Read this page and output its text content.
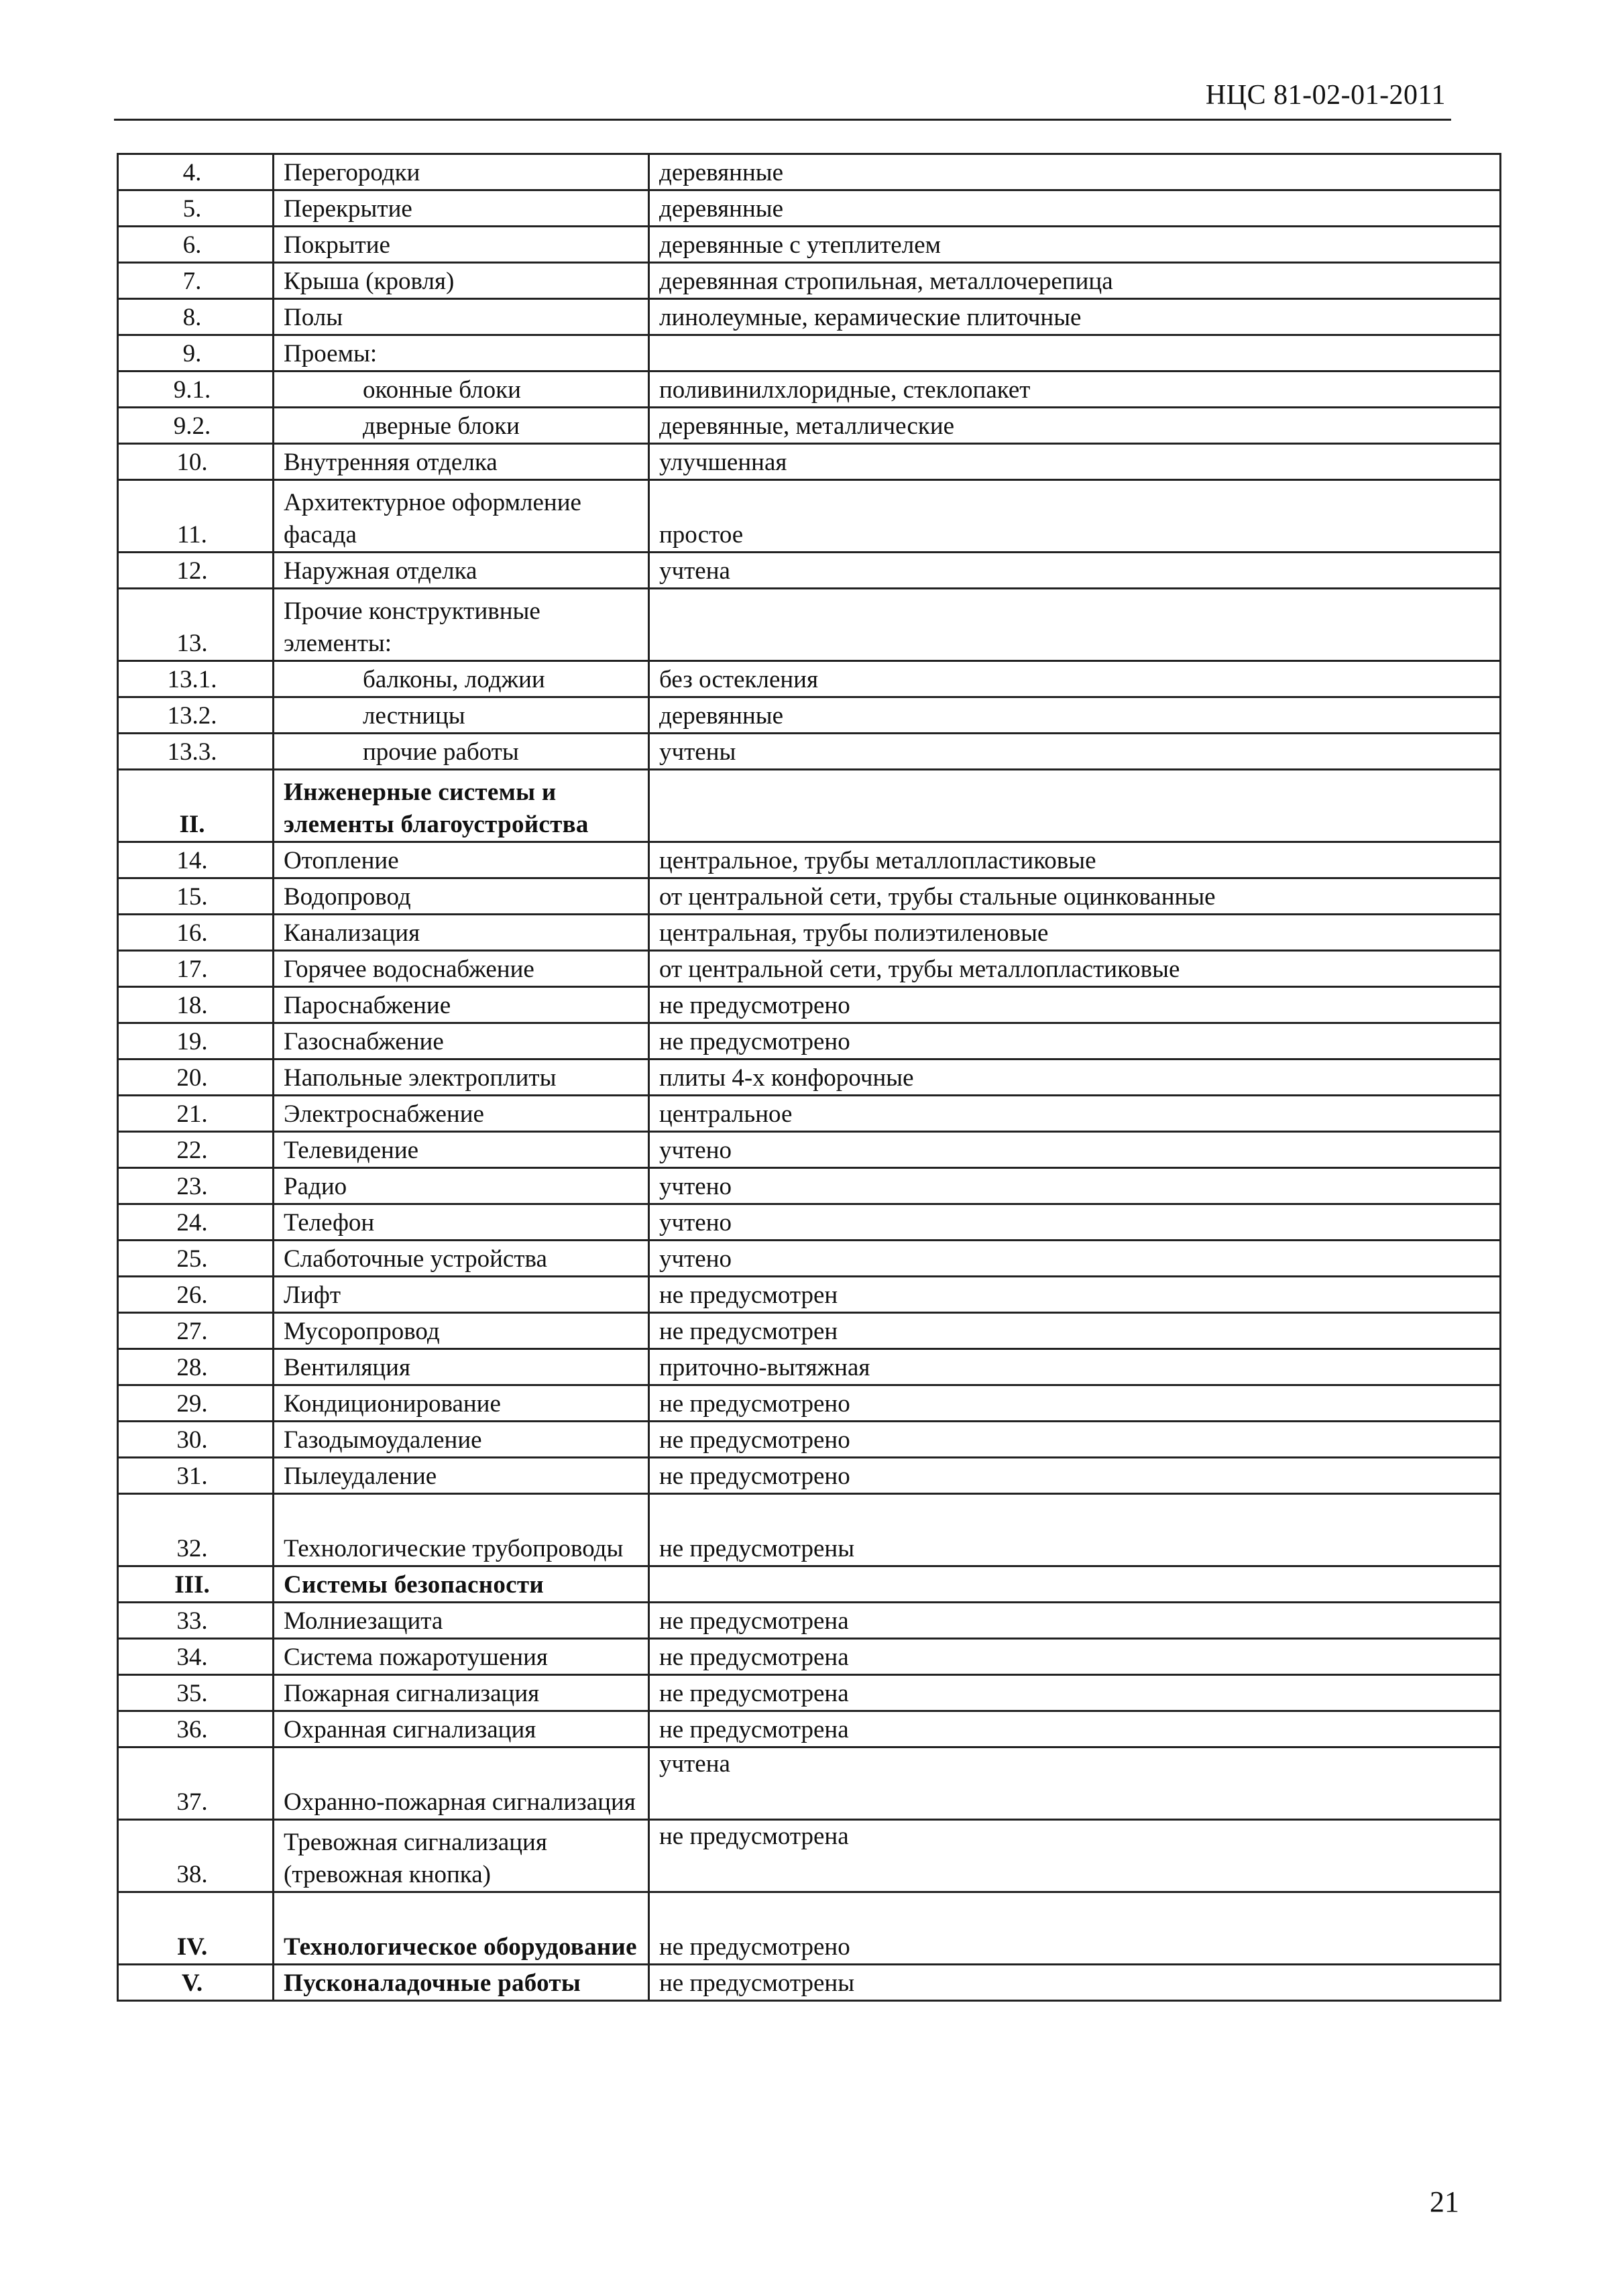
НЦС 81-02-01-2011
4.	Перегородки	деревянные
5.	Перекрытие	деревянные
6.	Покрытие	деревянные с утеплителем
7.	Крыша (кровля)	деревянная стропильная, металлочерепица
8.	Полы	линолеумные, керамические плиточные
9.	Проемы:	
9.1.	оконные блоки	поливинилхлоридные, стеклопакет
9.2.	дверные блоки	деревянные, металлические
10.	Внутренняя отделка	улучшенная
11.	Архитектурное оформление фасада	простое
12.	Наружная отделка	учтена
13.	Прочие конструктивные элементы:	
13.1.	балконы, лоджии	без остекления
13.2.	лестницы	деревянные
13.3.	прочие работы	учтены
II.	Инженерные системы и элементы благоустройства	
14.	Отопление	центральное, трубы металлопластиковые
15.	Водопровод	от центральной сети, трубы стальные оцинкованные
16.	Канализация	центральная, трубы полиэтиленовые
17.	Горячее водоснабжение	от центральной сети, трубы металлопластиковые
18.	Пароснабжение	не предусмотрено
19.	Газоснабжение	не предусмотрено
20.	Напольные электроплиты	плиты 4-х конфорочные
21.	Электроснабжение	центральное
22.	Телевидение	учтено
23.	Радио	учтено
24.	Телефон	учтено
25.	Слаботочные устройства	учтено
26.	Лифт	не предусмотрен
27.	Мусоропровод	не предусмотрен
28.	Вентиляция	приточно-вытяжная
29.	Кондиционирование	не предусмотрено
30.	Газодымоудаление	не предусмотрено
31.	Пылеудаление	не предусмотрено
32.	Технологические трубопроводы	не предусмотрены
III.	Системы безопасности	
33.	Молниезащита	не предусмотрена
34.	Система пожаротушения	не предусмотрена
35.	Пожарная сигнализация	не предусмотрена
36.	Охранная сигнализация	не предусмотрена
37.	Охранно-пожарная сигнализация	учтена
38.	Тревожная сигнализация (тревожная кнопка)	не предусмотрена
IV.	Технологическое оборудование	не предусмотрено
V.	Пусконаладочные работы	не предусмотрены
21
